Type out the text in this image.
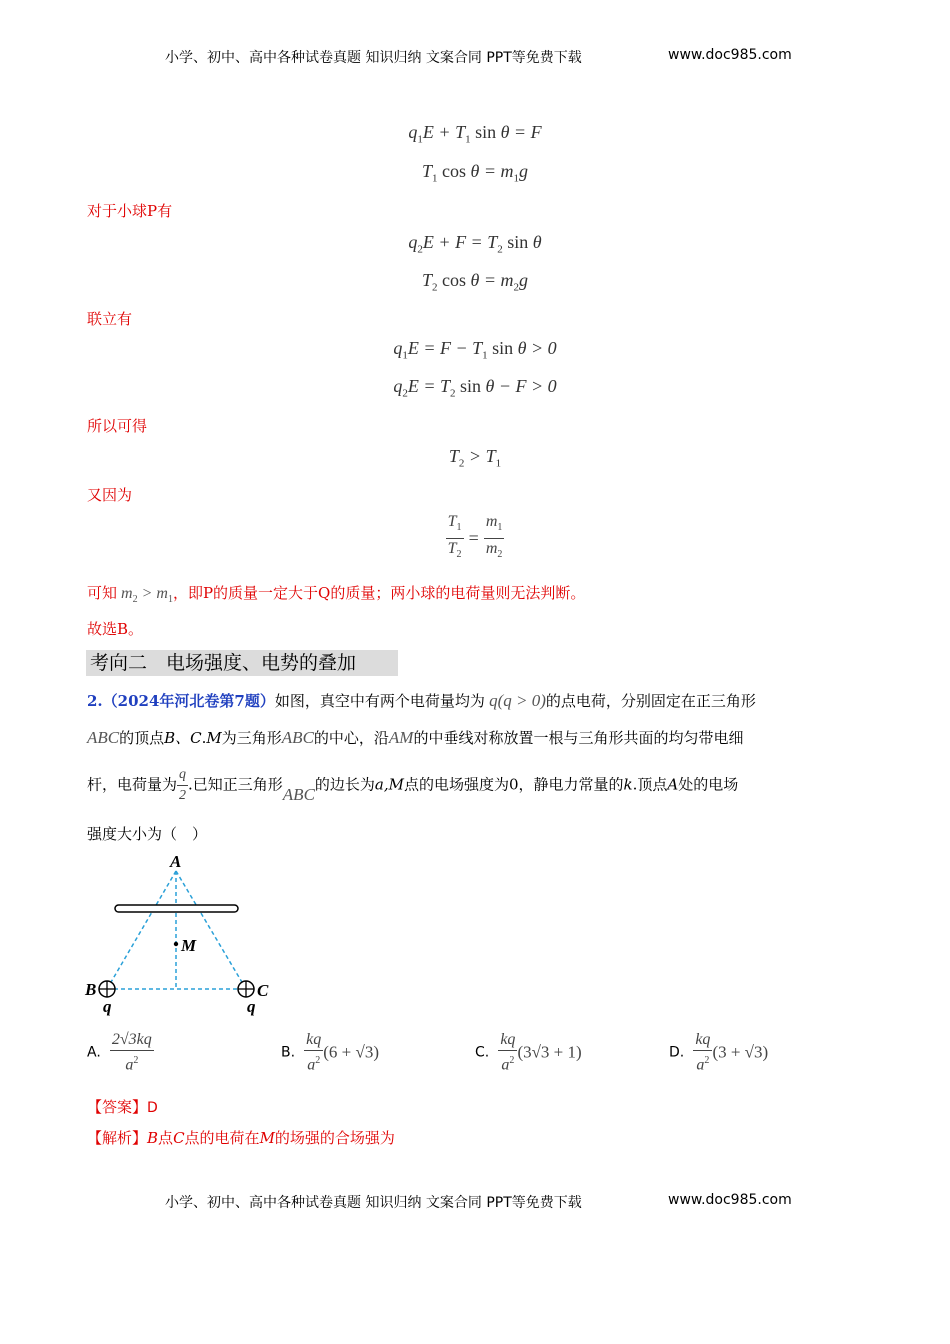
小学、初中、高中各种试卷真题 知识归纳 文案合同 PPT等免费下载	www.doc985.com
$q_1E + T_1$ sin θ = F
$T_1$ $\cos \theta = m_1g$
对于小球P有
$q_2E + F = T_2$ sin θ
$T_2$ $\cos \theta = m_2g$
联立有
$q_1E = F - T_1$ sin θ > 0
$q_2E = T_2$ sin θ − F > 0
所以可得
$T_2 > T_1$
又因为
$\frac{T_1}{T_2} = \frac{m_1}{m_2}$
可知 $m_2 > m_1$，即P的质量一定大于Q的质量；两小球的电荷量则无法判断。
故选B。
考向二　电场强度、电势的叠加
2.（2024年河北卷第7题）如图，真空中有两个电荷量均为 q(q > 0)的点电荷，分别固定在正三角形
ABC的顶点B、C.M为三角形ABC的中心，沿AM的中垂线对称放置一根与三角形共面的均匀带电细
杆，电荷量为 $\frac{q}{2}$ .已知正三角形ABC的边长为a,M点的电场强度为0，静电力常量的k.顶点A处的电场
强度大小为（　）
A
M
B	C
q	q
A. $\frac{2√3kq}{a^2}$	B. $\frac{kq}{a^2} (6 + √3)$	C. $\frac{kq}{a^2} (3√3 + 1)$	D. $\frac{kq}{a^2} (3 + √3)$
【答案】D
【解析】B点C点的电荷在M的场强的合场强为
小学、初中、高中各种试卷真题 知识归纳 文案合同 PPT等免费下载	www.doc985.com
